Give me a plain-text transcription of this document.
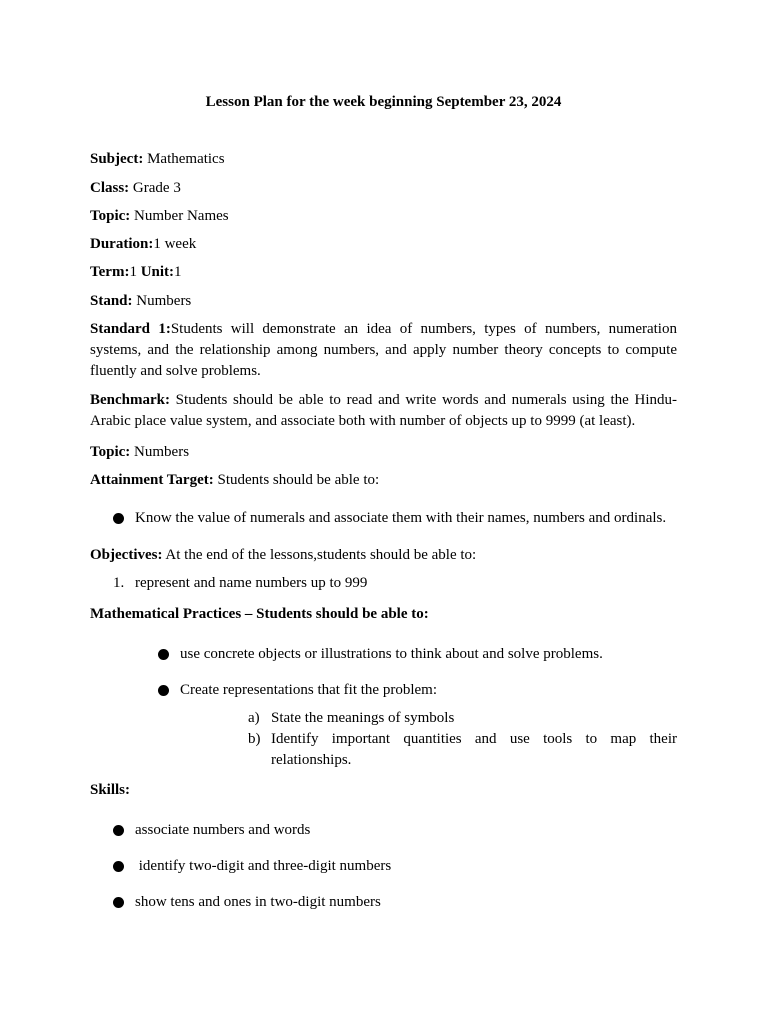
Lesson Plan for the week beginning September 23, 2024
Subject: Mathematics
Class: Grade 3
Topic: Number Names
Duration:1 week
Term:1 Unit:1
Stand: Numbers
Standard 1:Students will demonstrate an idea of numbers, types of numbers, numeration systems, and the relationship among numbers, and apply number theory concepts to compute fluently and solve problems.
Benchmark: Students should be able to read and write words and numerals using the Hindu-Arabic place value system, and associate both with number of objects up to 9999 (at least).
Topic: Numbers
Attainment Target: Students should be able to:
Know the value of numerals and associate them with their names, numbers and ordinals.
Objectives: At the end of the lessons,students should be able to:
1. represent and name numbers up to 999
Mathematical Practices – Students should be able to:
use concrete objects or illustrations to think about and solve problems.
Create representations that fit the problem:
a) State the meanings of symbols
b) Identify important quantities and use tools to map their relationships.
Skills:
associate numbers and words
identify two-digit and three-digit numbers
show tens and ones in two-digit numbers
